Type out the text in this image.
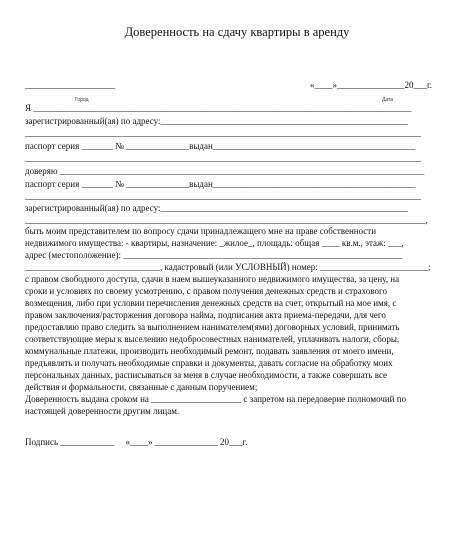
Доверенность на сдачу квартиры в аренду
____________________	«____»_______________20___г.
Город	Дата
Я ____________________________________________________________________________________
зарегистрированный(ая) по адресу:_______________________________________________________
________________________________________________________________________________________
паспорт серия _______ № ______________выдан_____________________________________________
________________________________________________________________________________________
доверяю _________________________________________________________________________________
паспорт серия _______ № ______________выдан_____________________________________________
________________________________________________________________________________________
зарегистрированный(ая) по адресу:_______________________________________________________
_________________________________________________________________________________________,
быть моим представителем по вопросу сдачи принадлежащего мне на праве собственности
недвижимого имущества: - квартиры, назначение: _жилое_, площадь: общая ____ кв.м., этаж: ___,
адрес (местоположение): ______________________________________________________________
______________________________, кадастровый (или УСЛОВНЫЙ) номер: ________________________;
с правом свободного доступа, сдачи в наем вышеуказанного недвижимого имущества, за цену, на
сроки и условиях по своему усмотрению, с правом получения денежных средств и страхового
возмещения, либо при условии перечисления денежных средств на счет, открытый на мое имя, с
правом заключения/расторжения договора найма, подписания акта приема-передачи, для чего
предоставляю право следить за выполнением нанимателем(ями) договорных условий, принимать
соответствующие меры к выселению недобросовестных нанимателей, уплачивать налоги, сборы,
коммунальные платежи, производить необходимый ремонт, подавать заявления от моего имени,
предъявлять и получать необходимые справки и документы, давать согласие на обработку моих
персональных данных, расписываться за меня в случае необходимости, а также совершать все
действия и формальности, связанные с данным поручением;
Доверенность выдана сроком на ____________________ с запретом на передоверие полномочий по
настоящей доверенности другим лицам.
Подпись ____________     «____» ______________ 20___г.
